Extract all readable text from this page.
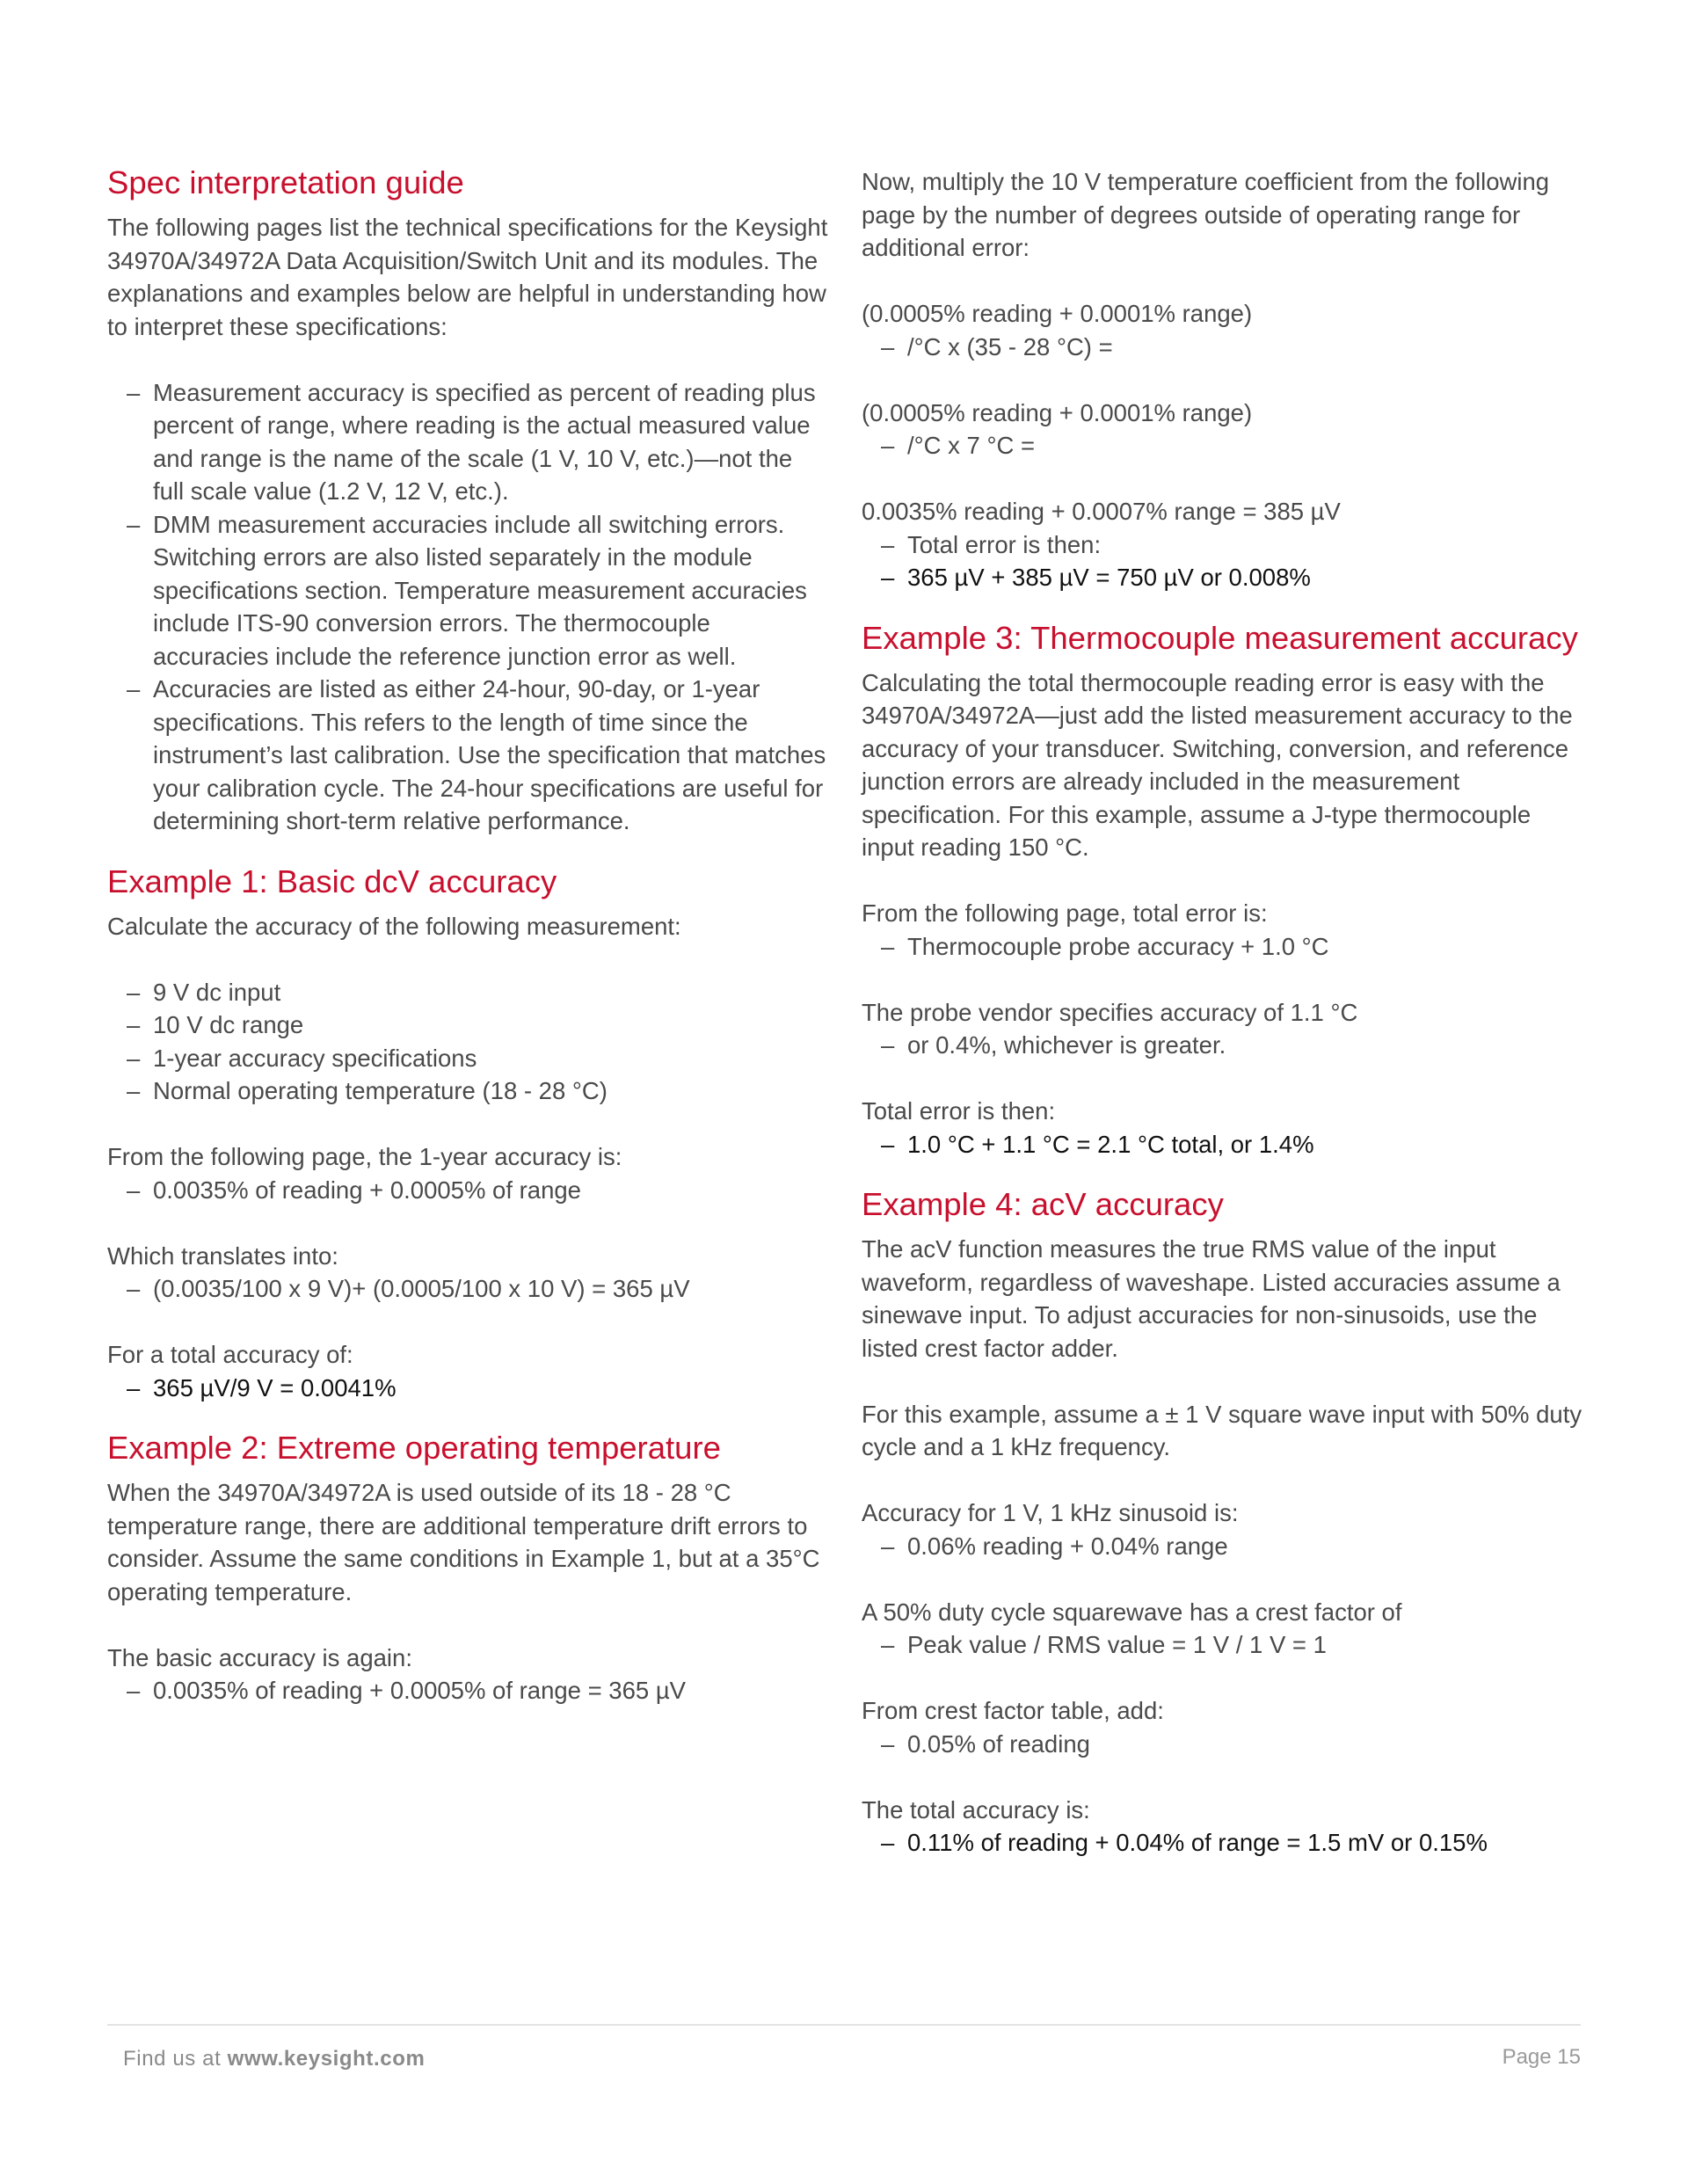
Spec interpretation guide

The following pages list the technical specifications for the Keysight 34970A/34972A Data Acquisition/Switch Unit and its modules. The explanations and examples below are helpful in understanding how to interpret these specifications:

– Measurement accuracy is specified as percent of reading plus percent of range, where reading is the actual measured value and range is the name of the scale (1 V, 10 V, etc.)—not the full scale value (1.2 V, 12 V, etc.).
– DMM measurement accuracies include all switching errors. Switching errors are also listed separately in the module specifications section. Temperature measurement accuracies include ITS-90 conversion errors. The thermocouple accuracies include the reference junction error as well.
– Accuracies are listed as either 24-hour, 90-day, or 1-year specifications. This refers to the length of time since the instrument’s last calibration. Use the specification that matches your calibration cycle. The 24-hour specifications are useful for determining short-term relative performance.
Example 1: Basic dcV accuracy

Calculate the accuracy of the following measurement:

– 9 V dc input
– 10 V dc range
– 1-year accuracy specifications
– Normal operating temperature (18 - 28 °C)

From the following page, the 1-year accuracy is:

– 0.0035% of reading + 0.0005% of range

Which translates into:

– (0.0035/100 x 9 V)+ (0.0005/100 x 10 V) = 365 µV

For a total accuracy of:

– 365 µV/9 V = 0.0041%
Example 2: Extreme operating temperature

When the 34970A/34972A is used outside of its 18 - 28 °C temperature range, there are additional temperature drift errors to consider. Assume the same conditions in Example 1, but at a 35°C operating temperature.

The basic accuracy is again:

– 0.0035% of reading + 0.0005% of range = 365 µV

Now, multiply the 10 V temperature coefficient from the following page by the number of degrees outside of operating range for additional error:

(0.0005% reading + 0.0001% range)

– /°C x (35 - 28 °C) =

(0.0005% reading + 0.0001% range)

– /°C x 7 °C =

0.0035% reading + 0.0007% range = 385 µV

– Total error is then:
– 365 µV + 385 µV = 750 µV or 0.008%
Example 3: Thermocouple measurement accuracy

Calculating the total thermocouple reading error is easy with the 34970A/34972A—just add the listed measurement accuracy to the accuracy of your transducer. Switching, conversion, and reference junction errors are already included in the measurement specification. For this example, assume a J-type thermocouple input reading 150 °C.

From the following page, total error is:

– Thermocouple probe accuracy + 1.0 °C

The probe vendor specifies accuracy of 1.1 °C

– or 0.4%, whichever is greater.

Total error is then:

– 1.0 °C + 1.1 °C = 2.1 °C total, or 1.4%
Example 4: acV accuracy

The acV function measures the true RMS value of the input waveform, regardless of waveshape. Listed accuracies assume a sinewave input. To adjust accuracies for non-sinusoids, use the listed crest factor adder.

For this example, assume a ± 1 V square wave input with 50% duty cycle and a 1 kHz frequency.

Accuracy for 1 V, 1 kHz sinusoid is:

– 0.06% reading + 0.04% range

A 50% duty cycle squarewave has a crest factor of

– Peak value / RMS value = 1 V / 1 V = 1

From crest factor table, add:

– 0.05% of reading

The total accuracy is:

– 0.11% of reading + 0.04% of range = 1.5 mV or 0.15%
Find us at www.keysight.com	Page 15
